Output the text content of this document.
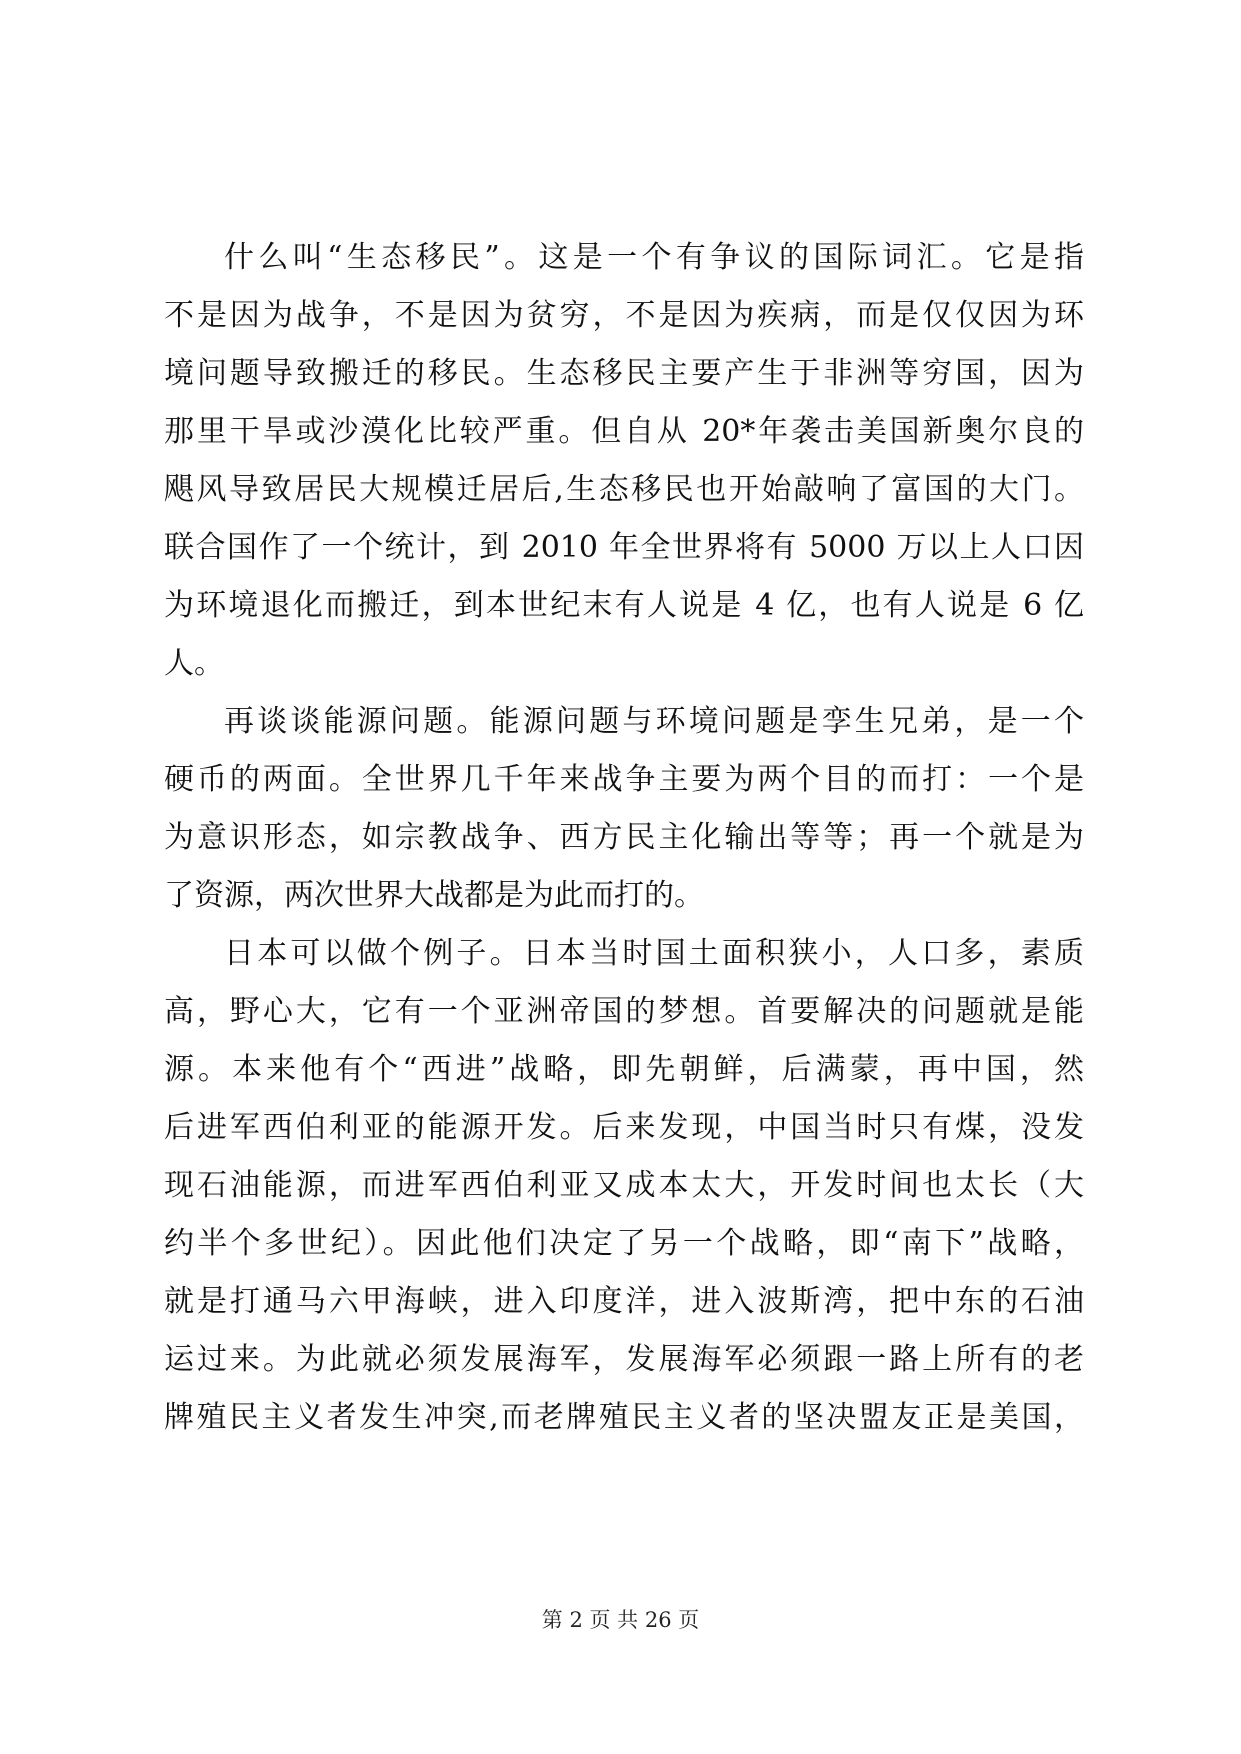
什么叫“生态移民”。这是一个有争议的国际词汇。它是指
不是因为战争，不是因为贫穷，不是因为疾病，而是仅仅因为环
境问题导致搬迁的移民。生态移民主要产生于非洲等穷国，因为
那里干旱或沙漠化比较严重。但自从 20*年袭击美国新奥尔良的
飓风导致居民大规模迁居后,生态移民也开始敲响了富国的大门。
联合国作了一个统计，到 2010 年全世界将有 5000 万以上人口因
为环境退化而搬迁，到本世纪末有人说是 4 亿，也有人说是 6 亿
人。
再谈谈能源问题。能源问题与环境问题是孪生兄弟，是一个
硬币的两面。全世界几千年来战争主要为两个目的而打：一个是
为意识形态，如宗教战争、西方民主化输出等等；再一个就是为
了资源，两次世界大战都是为此而打的。
日本可以做个例子。日本当时国土面积狭小，人口多，素质
高，野心大，它有一个亚洲帝国的梦想。首要解决的问题就是能
源。本来他有个“西进”战略，即先朝鲜，后满蒙，再中国，然
后进军西伯利亚的能源开发。后来发现，中国当时只有煤，没发
现石油能源，而进军西伯利亚又成本太大，开发时间也太长（大
约半个多世纪）。因此他们决定了另一个战略，即“南下”战略，
就是打通马六甲海峡，进入印度洋，进入波斯湾，把中东的石油
运过来。为此就必须发展海军，发展海军必须跟一路上所有的老
牌殖民主义者发生冲突,而老牌殖民主义者的坚决盟友正是美国，
第 2 页 共 26 页
